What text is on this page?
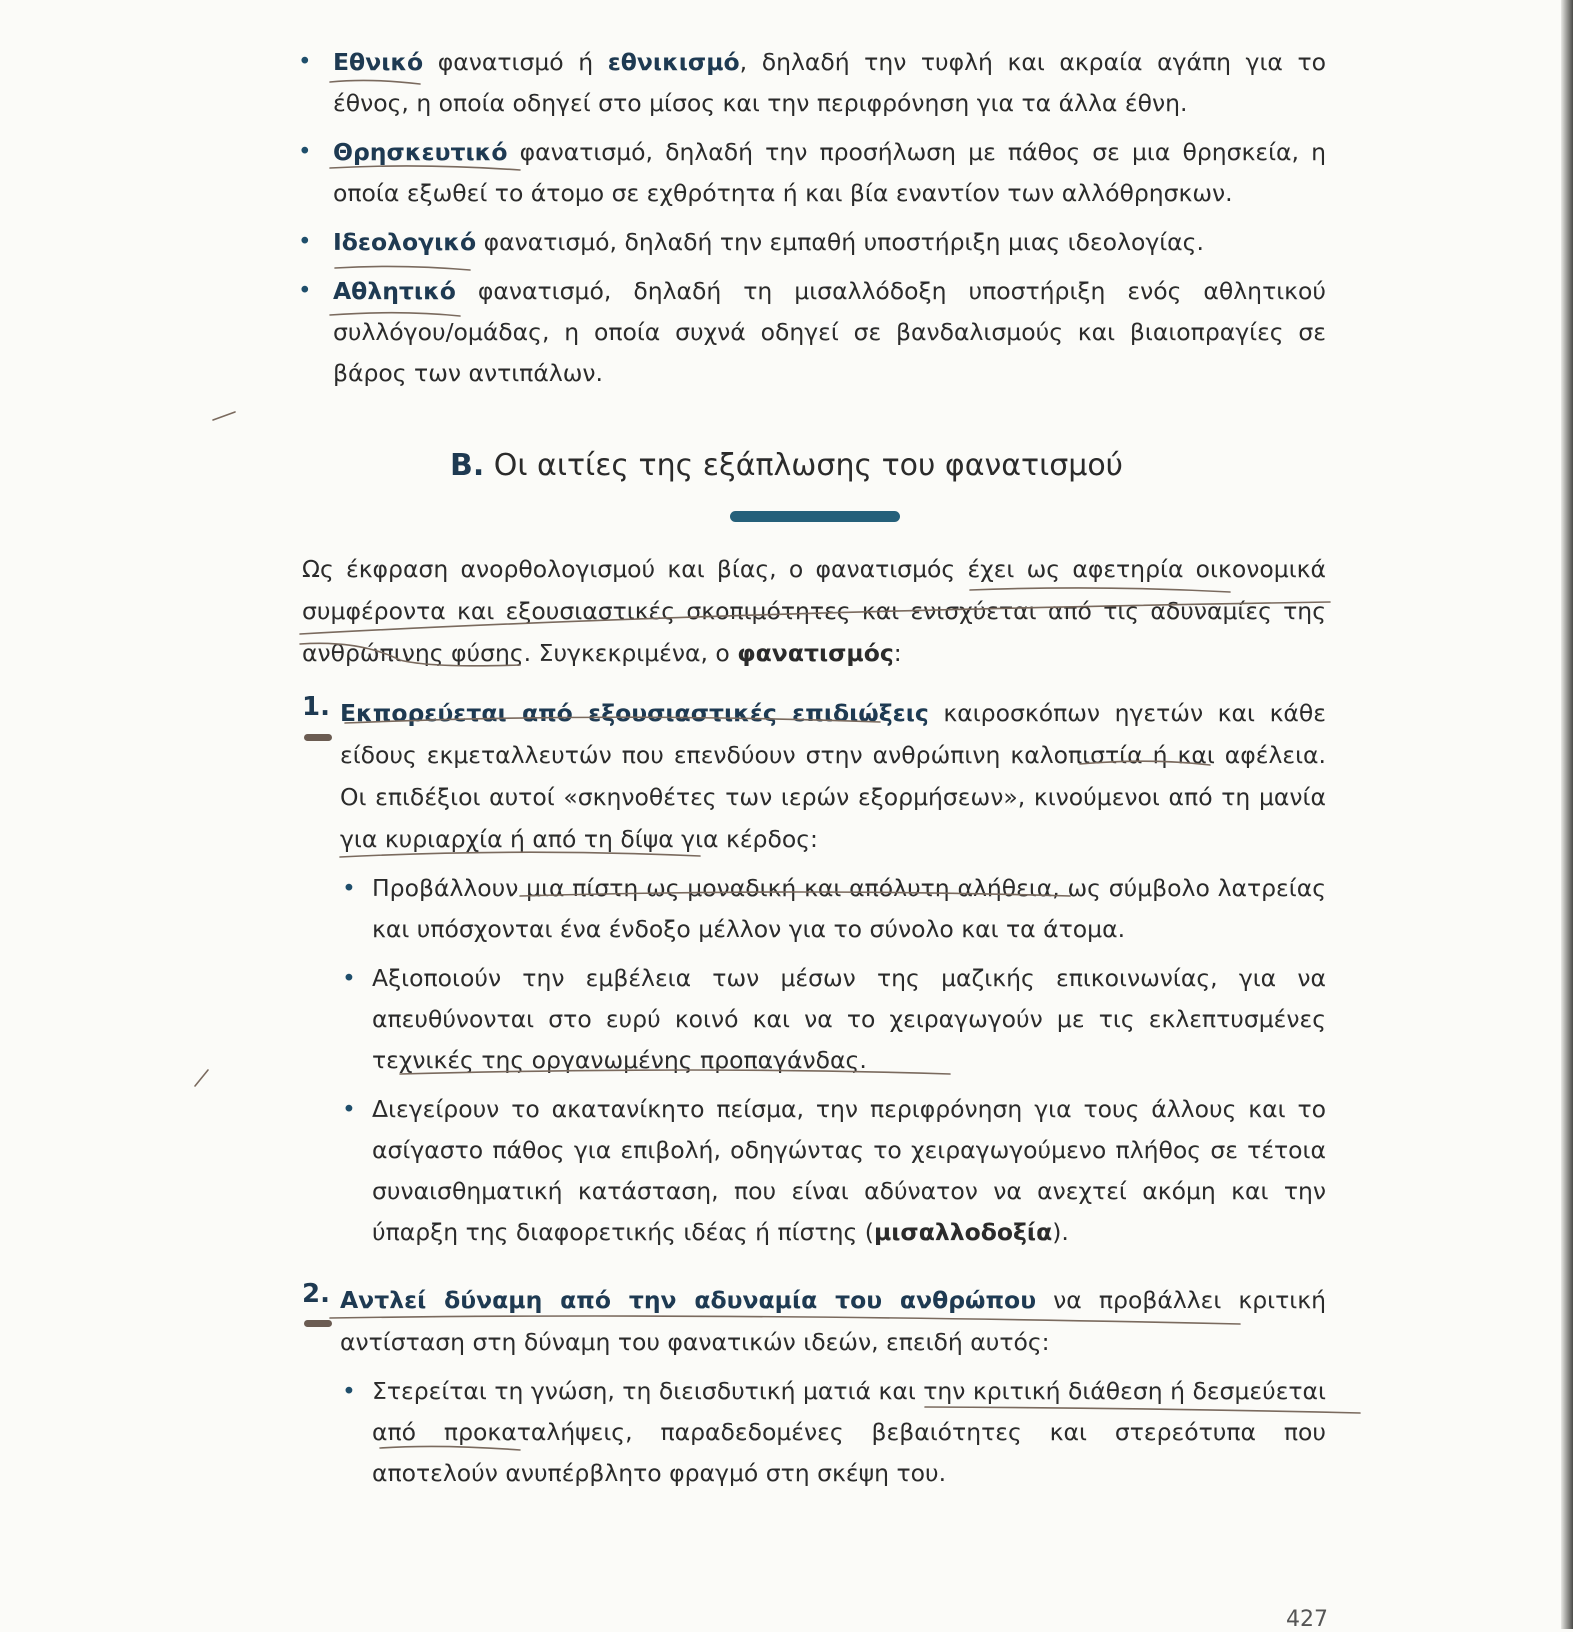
• Εθνικό φανατισμό ή εθνικισμό, δηλαδή την τυφλή και ακραία αγάπη για το έθνος, η οποία οδηγεί στο μίσος και την περιφρόνηση για τα άλλα έθνη.
• Θρησκευτικό φανατισμό, δηλαδή την προσήλωση με πάθος σε μια θρησκεία, η οποία εξωθεί το άτομο σε εχθρότητα ή και βία εναντίον των αλλόθρησκων.
• Ιδεολογικό φανατισμό, δηλαδή την εμπαθή υποστήριξη μιας ιδεολογίας.
• Αθλητικό φανατισμό, δηλαδή τη μισαλλόδοξη υποστήριξη ενός αθλητικού συλλόγου/ομάδας, η οποία συχνά οδηγεί σε βανδαλισμούς και βιαιοπραγίες σε βάρος των αντιπάλων.
Β. Οι αιτίες της εξάπλωσης του φανατισμού

Ως έκφραση ανορθολογισμού και βίας, ο φανατισμός έχει ως αφετηρία οικονομικά συμφέροντα και εξουσιαστικές σκοπιμότητες και ενισχύεται από τις αδυναμίες της ανθρώπινης φύσης. Συγκεκριμένα, ο φανατισμός:

1. Εκπορεύεται από εξουσιαστικές επιδιώξεις καιροσκόπων ηγετών και κάθε είδους εκμεταλλευτών που επενδύουν στην ανθρώπινη καλοπιστία ή και αφέλεια. Οι επιδέξιοι αυτοί «σκηνοθέτες των ιερών εξορμήσεων», κινούμενοι από τη μανία για κυριαρχία ή από τη δίψα για κέρδος:
• Προβάλλουν μια πίστη ως μοναδική και απόλυτη αλήθεια, ως σύμβολο λατρείας και υπόσχονται ένα ένδοξο μέλλον για το σύνολο και τα άτομα.
• Αξιοποιούν την εμβέλεια των μέσων της μαζικής επικοινωνίας, για να απευθύνονται στο ευρύ κοινό και να το χειραγωγούν με τις εκλεπτυσμένες τεχνικές της οργανωμένης προπαγάνδας.
• Διεγείρουν το ακατανίκητο πείσμα, την περιφρόνηση για τους άλλους και το ασίγαστο πάθος για επιβολή, οδηγώντας το χειραγωγούμενο πλήθος σε τέτοια συναισθηματική κατάσταση, που είναι αδύνατον να ανεχτεί ακόμη και την ύπαρξη της διαφορετικής ιδέας ή πίστης (μισαλλοδοξία).
2. Αντλεί δύναμη από την αδυναμία του ανθρώπου να προβάλλει κριτική αντίσταση στη δύναμη του φανατικών ιδεών, επειδή αυτός:
• Στερείται τη γνώση, τη διεισδυτική ματιά και την κριτική διάθεση ή δεσμεύεται από προκαταλήψεις, παραδεδομένες βεβαιότητες και στερεότυπα που αποτελούν ανυπέρβλητο φραγμό στη σκέψη του.
427
